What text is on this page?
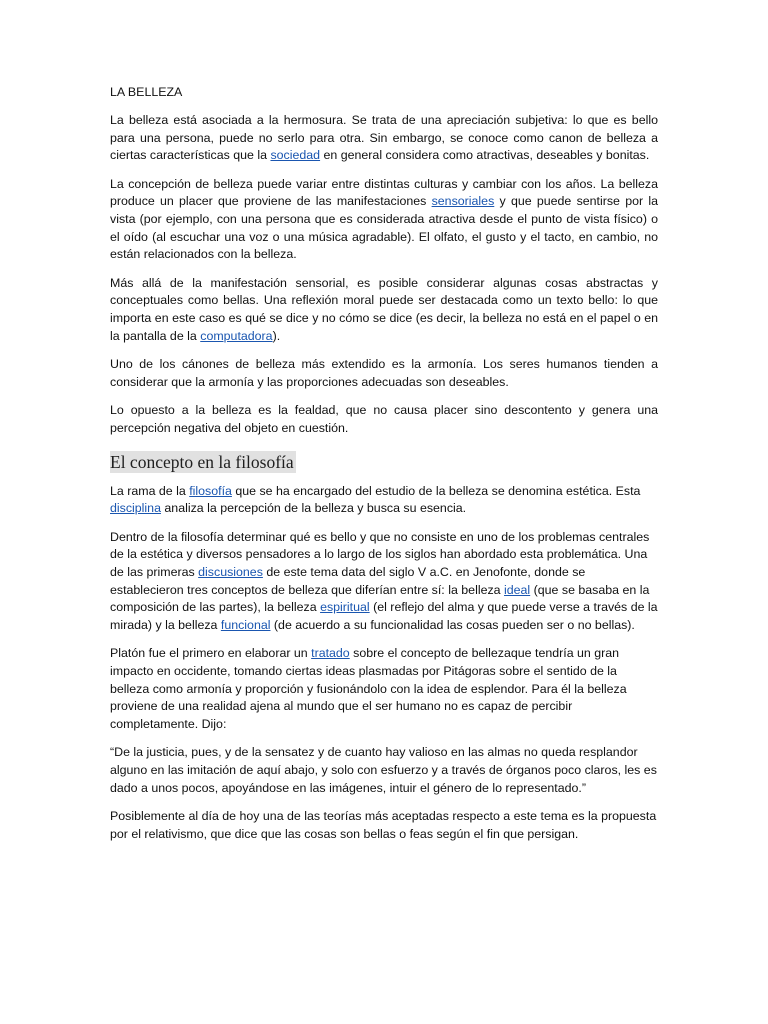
LA BELLEZA

La belleza está asociada a la hermosura. Se trata de una apreciación subjetiva: lo que es bello para una persona, puede no serlo para otra. Sin embargo, se conoce como canon de belleza a ciertas características que la sociedad en general considera como atractivas, deseables y bonitas.

La concepción de belleza puede variar entre distintas culturas y cambiar con los años. La belleza produce un placer que proviene de las manifestaciones sensoriales y que puede sentirse por la vista (por ejemplo, con una persona que es considerada atractiva desde el punto de vista físico) o el oído (al escuchar una voz o una música agradable). El olfato, el gusto y el tacto, en cambio, no están relacionados con la belleza.

Más allá de la manifestación sensorial, es posible considerar algunas cosas abstractas y conceptuales como bellas. Una reflexión moral puede ser destacada como un texto bello: lo que importa en este caso es qué se dice y no cómo se dice (es decir, la belleza no está en el papel o en la pantalla de la computadora).

Uno de los cánones de belleza más extendido es la armonía. Los seres humanos tienden a considerar que la armonía y las proporciones adecuadas son deseables.

Lo opuesto a la belleza es la fealdad, que no causa placer sino descontento y genera una percepción negativa del objeto en cuestión.

El concepto en la filosofía

La rama de la filosofía que se ha encargado del estudio de la belleza se denomina estética. Esta disciplina analiza la percepción de la belleza y busca su esencia.

Dentro de la filosofía determinar qué es bello y que no consiste en uno de los problemas centrales de la estética y diversos pensadores a lo largo de los siglos han abordado esta problemática. Una de las primeras discusiones de este tema data del siglo V a.C. en Jenofonte, donde se establecieron tres conceptos de belleza que diferían entre sí: la belleza ideal (que se basaba en la composición de las partes), la belleza espiritual (el reflejo del alma y que puede verse a través de la mirada) y la belleza funcional (de acuerdo a su funcionalidad las cosas pueden ser o no bellas).

Platón fue el primero en elaborar un tratado sobre el concepto de bellezaque tendría un gran impacto en occidente, tomando ciertas ideas plasmadas por Pitágoras sobre el sentido de la belleza como armonía y proporción y fusionándolo con la idea de esplendor. Para él la belleza proviene de una realidad ajena al mundo que el ser humano no es capaz de percibir completamente. Dijo:

“De la justicia, pues, y de la sensatez y de cuanto hay valioso en las almas no queda resplandor alguno en las imitación de aquí abajo, y solo con esfuerzo y a través de órganos poco claros, les es dado a unos pocos, apoyándose en las imágenes, intuir el género de lo representado.”

Posiblemente al día de hoy una de las teorías más aceptadas respecto a este tema es la propuesta por el relativismo, que dice que las cosas son bellas o feas según el fin que persigan.
